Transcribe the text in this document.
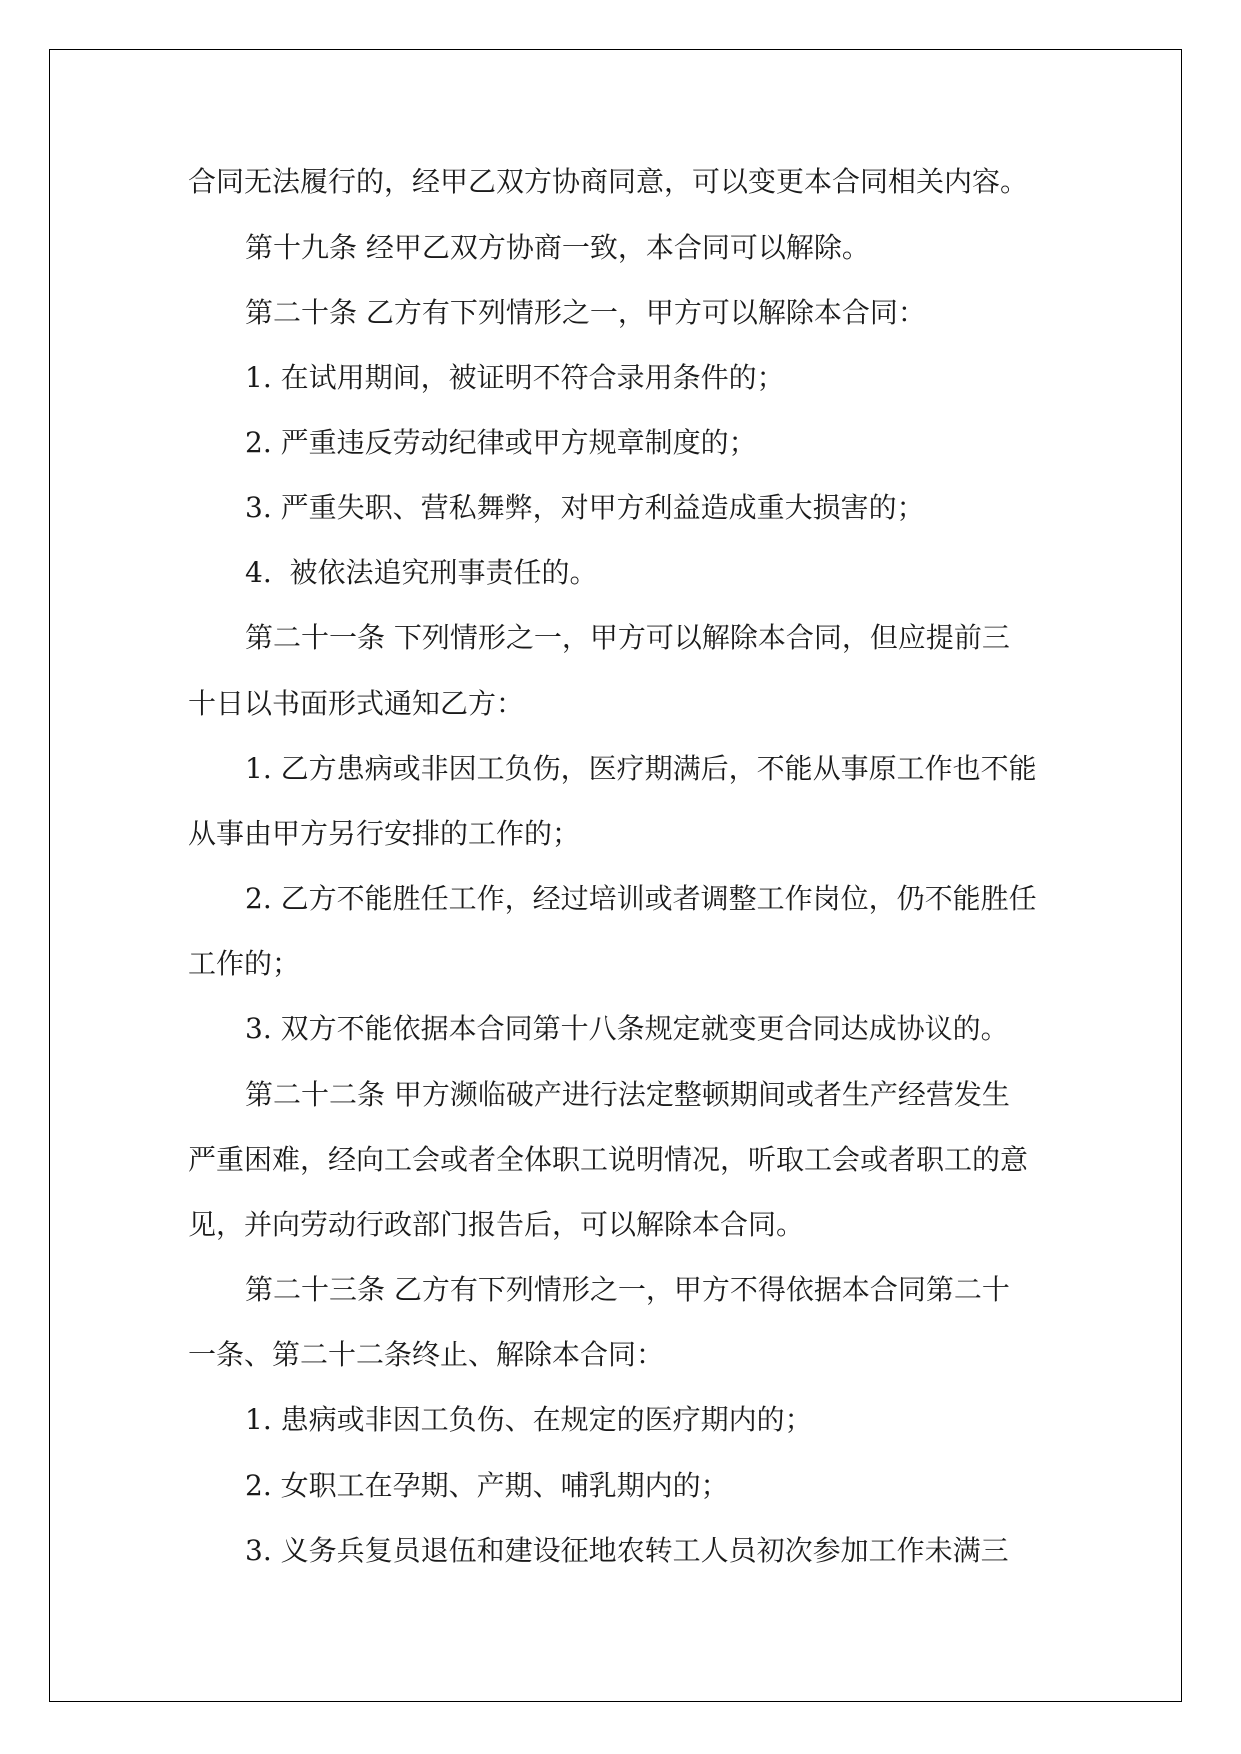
合同无法履行的，经甲乙双方协商同意，可以变更本合同相关内容。

第十九条 经甲乙双方协商一致，本合同可以解除。

第二十条 乙方有下列情形之一，甲方可以解除本合同：

1. 在试用期间，被证明不符合录用条件的；

2. 严重违反劳动纪律或甲方规章制度的；

3. 严重失职、营私舞弊，对甲方利益造成重大损害的；

4.  被依法追究刑事责任的。

第二十一条 下列情形之一，甲方可以解除本合同，但应提前三

十日以书面形式通知乙方：

1. 乙方患病或非因工负伤，医疗期满后，不能从事原工作也不能

从事由甲方另行安排的工作的；

2. 乙方不能胜任工作，经过培训或者调整工作岗位，仍不能胜任

工作的；

3. 双方不能依据本合同第十八条规定就变更合同达成协议的。

第二十二条 甲方濒临破产进行法定整顿期间或者生产经营发生

严重困难，经向工会或者全体职工说明情况，听取工会或者职工的意

见，并向劳动行政部门报告后，可以解除本合同。

第二十三条 乙方有下列情形之一，甲方不得依据本合同第二十

一条、第二十二条终止、解除本合同：

1. 患病或非因工负伤、在规定的医疗期内的；

2. 女职工在孕期、产期、哺乳期内的；

3. 义务兵复员退伍和建设征地农转工人员初次参加工作未满三
